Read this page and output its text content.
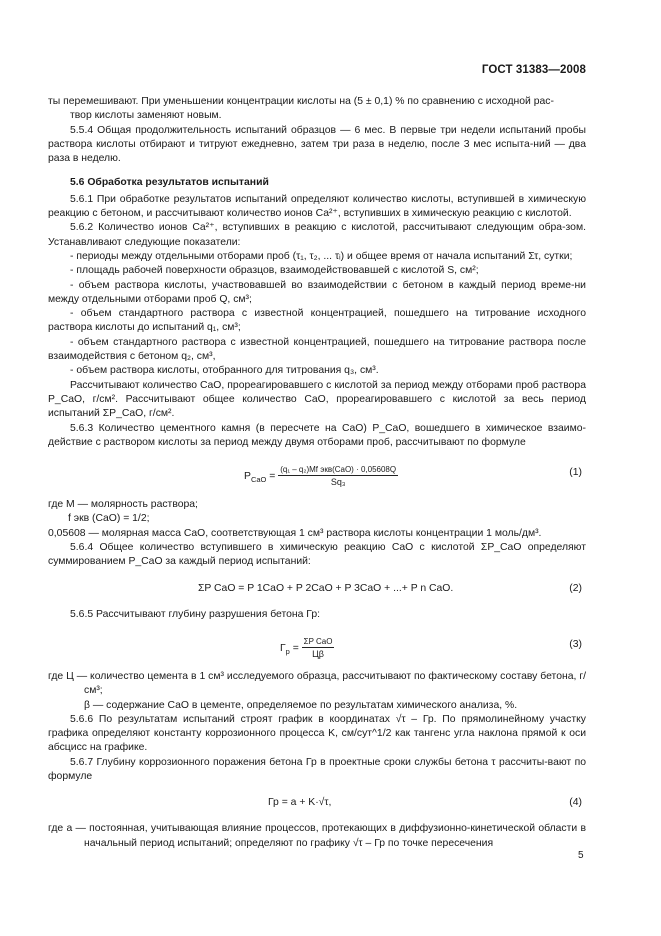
ГОСТ 31383—2008

ты перемешивают. При уменьшении концентрации кислоты на (5 ± 0,1) % по сравнению с исходной рас-
твор кислоты заменяют новым.

5.5.4 Общая продолжительность испытаний образцов — 6 мес. В первые три недели испытаний пробы раствора кислоты отбирают и титруют ежедневно, затем три раза в неделю, после 3 мес испыта-ний — два раза в неделю.

5.6 Обработка результатов испытаний

5.6.1 При обработке результатов испытаний определяют количество кислоты, вступившей в химическую реакцию с бетоном, и рассчитывают количество ионов Ca²⁺, вступивших в химическую реакцию с кислотой.

5.6.2 Количество ионов Ca²⁺, вступивших в реакцию с кислотой, рассчитывают следующим обра-зом. Устанавливают следующие показатели:

- периоды между отдельными отборами проб (τ₁, τ₂, ... τᵢ) и общее время от начала испытаний Στ, сутки;

- площадь рабочей поверхности образцов, взаимодействовавшей с кислотой S, см²;

- объем раствора кислоты, участвовавшей во взаимодействии с бетоном в каждый период време-ни между отдельными отборами проб Q, см³;

- объем стандартного раствора с известной концентрацией, пошедшего на титрование исходного раствора кислоты до испытаний q₁, см³;

- объем стандартного раствора с известной концентрацией, пошедшего на титрование раствора после взаимодействия с бетоном q₂, см³,

- объем раствора кислоты, отобранного для титрования q₃, см³.

Рассчитывают количество CaO, прореагировавшего с кислотой за период между отборами проб раствора P_CaO, г/см². Рассчитывают общее количество CaO, прореагировавшего с кислотой за весь период испытаний ΣP_CaO, г/см².

5.6.3 Количество цементного камня (в пересчете на CaO) P_CaO, вошедшего в химическое взаимо-действие с раствором кислоты за период между двумя отборами проб, рассчитывают по формуле

$P_{CaO} = \frac{\text{(q₁ – q₂)Mf экв(CaO) · 0,05608Q}}{\text{Sq₃}}$	(1)

где M — молярность раствора;

f экв (CaO) = 1/2;

0,05608 — молярная масса CaO, соответствующая 1 см³ раствора кислоты концентрации 1 моль/дм³.

5.6.4 Общее количество вступившего в химическую реакцию CaO с кислотой ΣP_CaO определяют суммированием P_CaO за каждый период испытаний:

ΣP CaO = P 1CaO + P 2CaO + P 3CaO + ...+ P n CaO.	(2)

5.6.5 Рассчитывают глубину разрушения бетона Гр:

$Г_р = \frac{\text{ΣP CaO}}{Ц\beta}$	(3)

где Ц — количество цемента в 1 см³ исследуемого образца, рассчитывают по фактическому составу бетона, г/см³;

β — содержание CaO в цементе, определяемое по результатам химического анализа, %.

5.6.6 По результатам испытаний строят график в координатах √τ – Гр. По прямолинейному участку графика определяют константу коррозионного процесса K, см/сут^1/2 как тангенс угла наклона прямой к оси абсцисс на графике.

5.6.7 Глубину коррозионного поражения бетона Гр в проектные сроки службы бетона τ рассчиты-вают по формуле

Гр = a + K·√τ,	(4)

где a — постоянная, учитывающая влияние процессов, протекающих в диффузионно-кинетической области в начальный период испытаний; определяют по графику √τ – Гр по точке пересечения

5
